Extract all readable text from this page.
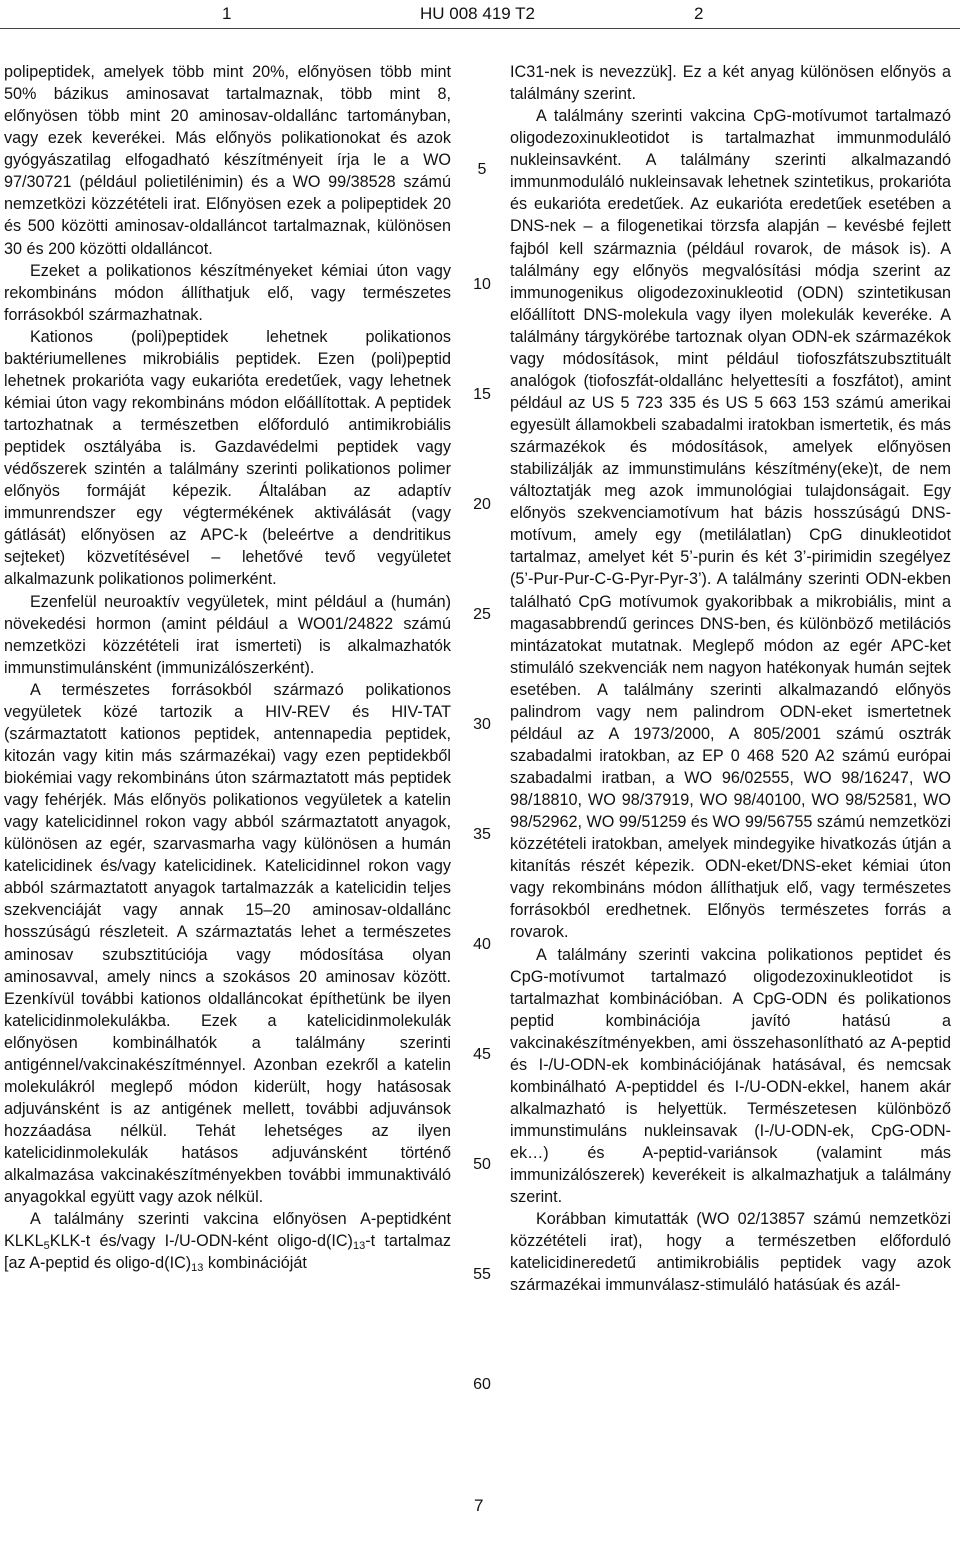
1	HU 008 419 T2	2

polipeptidek, amelyek több mint 20%, előnyösen több mint 50% bázikus aminosavat tartalmaznak, több mint 8, előnyösen több mint 20 aminosav-oldallánc tartományban, vagy ezek keverékei. Más előnyös polikationokat és azok gyógyászatilag elfogadható készítményeit írja le a WO 97/30721 (például polietilénimin) és a WO 99/38528 számú nemzetközi közzétételi irat. Előnyösen ezek a polipeptidek 20 és 500 közötti aminosav-oldalláncot tartalmaznak, különösen 30 és 200 közötti oldalláncot.

Ezeket a polikationos készítményeket kémiai úton vagy rekombináns módon állíthatjuk elő, vagy természetes forrásokból származhatnak.

Kationos (poli)peptidek lehetnek polikationos baktériumellenes mikrobiális peptidek. Ezen (poli)peptid lehetnek prokarióta vagy eukarióta eredetűek, vagy lehetnek kémiai úton vagy rekombináns módon előállítottak. A peptidek tartozhatnak a természetben előforduló antimikrobiális peptidek osztályába is. Gazdavédelmi peptidek vagy védőszerek szintén a találmány szerinti polikationos polimer előnyös formáját képezik. Általában az adaptív immunrendszer egy végtermékének aktiválását (vagy gátlását) előnyösen az APC-k (beleértve a dendritikus sejteket) közvetítésével – lehetővé tevő vegyületet alkalmazunk polikationos polimerként.

Ezenfelül neuroaktív vegyületek, mint például a (humán) növekedési hormon (amint például a WO01/24822 számú nemzetközi közzétételi irat ismerteti) is alkalmazhatók immunstimulánsként (immunizálószerként).

A természetes forrásokból származó polikationos vegyületek közé tartozik a HIV-REV és HIV-TAT (származtatott kationos peptidek, antennapedia peptidek, kitozán vagy kitin más származékai) vagy ezen peptidekből biokémiai vagy rekombináns úton származtatott más peptidek vagy fehérjék. Más előnyös polikationos vegyületek a katelin vagy katelicidinnel rokon vagy abból származtatott anyagok, különösen az egér, szarvasmarha vagy különösen a humán katelicidinek és/vagy katelicidinek. Katelicidinnel rokon vagy abból származtatott anyagok tartalmazzák a katelicidin teljes szekvenciáját vagy annak 15–20 aminosav-oldallánc hosszúságú részleteit. A származtatás lehet a természetes aminosav szubsztitúciója vagy módosítása olyan aminosavval, amely nincs a szokásos 20 aminosav között. Ezenkívül további kationos oldalláncokat építhetünk be ilyen katelicidinmolekulákba. Ezek a katelicidinmolekulák előnyösen kombinálhatók a találmány szerinti antigénnel/vakcinakészítménnyel. Azonban ezekről a katelin molekulákról meglepő módon kiderült, hogy hatásosak adjuvánsként is az antigének mellett, további adjuvánsok hozzáadása nélkül. Tehát lehetséges az ilyen katelicidinmolekulák hatásos adjuvánsként történő alkalmazása vakcinakészítményekben további immunaktiváló anyagokkal együtt vagy azok nélkül.

A találmány szerinti vakcina előnyösen A-peptidként $KLKL_5KLK-t$ és/vagy I-/U-ODN-ként oligo-$d(IC)_{13}-t$ tartalmaz [az A-peptid és oligo-$d(IC)_{13}$ kombinációját

5
10
15
20
25
30
35
40
45
50
55
60

IC31-nek is nevezzük]. Ez a két anyag különösen előnyös a találmány szerint.

A találmány szerinti vakcina CpG-motívumot tartalmazó oligodezoxinukleotidot is tartalmazhat immunmoduláló nukleinsavként. A találmány szerinti alkalmazandó immunmoduláló nukleinsavak lehetnek szintetikus, prokarióta és eukarióta eredetűek. Az eukarióta eredetűek esetében a DNS-nek – a filogenetikai törzsfa alapján – kevésbé fejlett fajból kell származnia (például rovarok, de mások is). A találmány egy előnyös megvalósítási módja szerint az immunogenikus oligodezoxinukleotid (ODN) szintetikusan előállított DNS-molekula vagy ilyen molekulák keveréke. A találmány tárgykörébe tartoznak olyan ODN-ek származékok vagy módosítások, mint például tiofoszfátszubsztituált analógok (tiofoszfát-oldallánc helyettesíti a foszfátot), amint például az US 5 723 335 és US 5 663 153 számú amerikai egyesült államokbeli szabadalmi iratokban ismertetik, és más származékok és módosítások, amelyek előnyösen stabilizálják az immunstimuláns készítmény(eke)t, de nem változtatják meg azok immunológiai tulajdonságait. Egy előnyös szekvenciamotívum hat bázis hosszúságú DNS-motívum, amely egy (metilálatlan) CpG dinukleotidot tartalmaz, amelyet két 5’-purin és két 3’-pirimidin szegélyez (5’-Pur-Pur-C-G-Pyr-Pyr-3’). A találmány szerinti ODN-ekben található CpG motívumok gyakoribbak a mikrobiális, mint a magasabbrendű gerinces DNS-ben, és különböző metilációs mintázatokat mutatnak. Meglepő módon az egér APC-ket stimuláló szekvenciák nem nagyon hatékonyak humán sejtek esetében. A találmány szerinti alkalmazandó előnyös palindrom vagy nem palindrom ODN-eket ismertetnek például az A 1973/2000, A 805/2001 számú osztrák szabadalmi iratokban, az EP 0 468 520 A2 számú európai szabadalmi iratban, a WO 96/02555, WO 98/16247, WO 98/18810, WO 98/37919, WO 98/40100, WO 98/52581, WO 98/52962, WO 99/51259 és WO 99/56755 számú nemzetközi közzétételi iratokban, amelyek mindegyike hivatkozás útján a kitanítás részét képezik. ODN-eket/DNS-eket kémiai úton vagy rekombináns módon állíthatjuk elő, vagy természetes forrásokból eredhetnek. Előnyös természetes forrás a rovarok.

A találmány szerinti vakcina polikationos peptidet és CpG-motívumot tartalmazó oligodezoxinukleotidot is tartalmazhat kombinációban. A CpG-ODN és polikationos peptid kombinációja javító hatású a vakcinakészítményekben, ami összehasonlítható az A-peptid és I-/U-ODN-ek kombinációjának hatásával, és nemcsak kombinálható A-peptiddel és I-/U-ODN-ekkel, hanem akár alkalmazható is helyettük. Természetesen különböző immunstimuláns nukleinsavak (I-/U-ODN-ek, CpG-ODN-ek…) és A-peptid-variánsok (valamint más immunizálószerek) keverékeit is alkalmazhatjuk a találmány szerint.

Korábban kimutatták (WO 02/13857 számú nemzetközi közzétételi irat), hogy a természetben előforduló katelicidineredetű antimikrobiális peptidek vagy azok származékai immunválasz-stimuláló hatásúak és azál-

7
